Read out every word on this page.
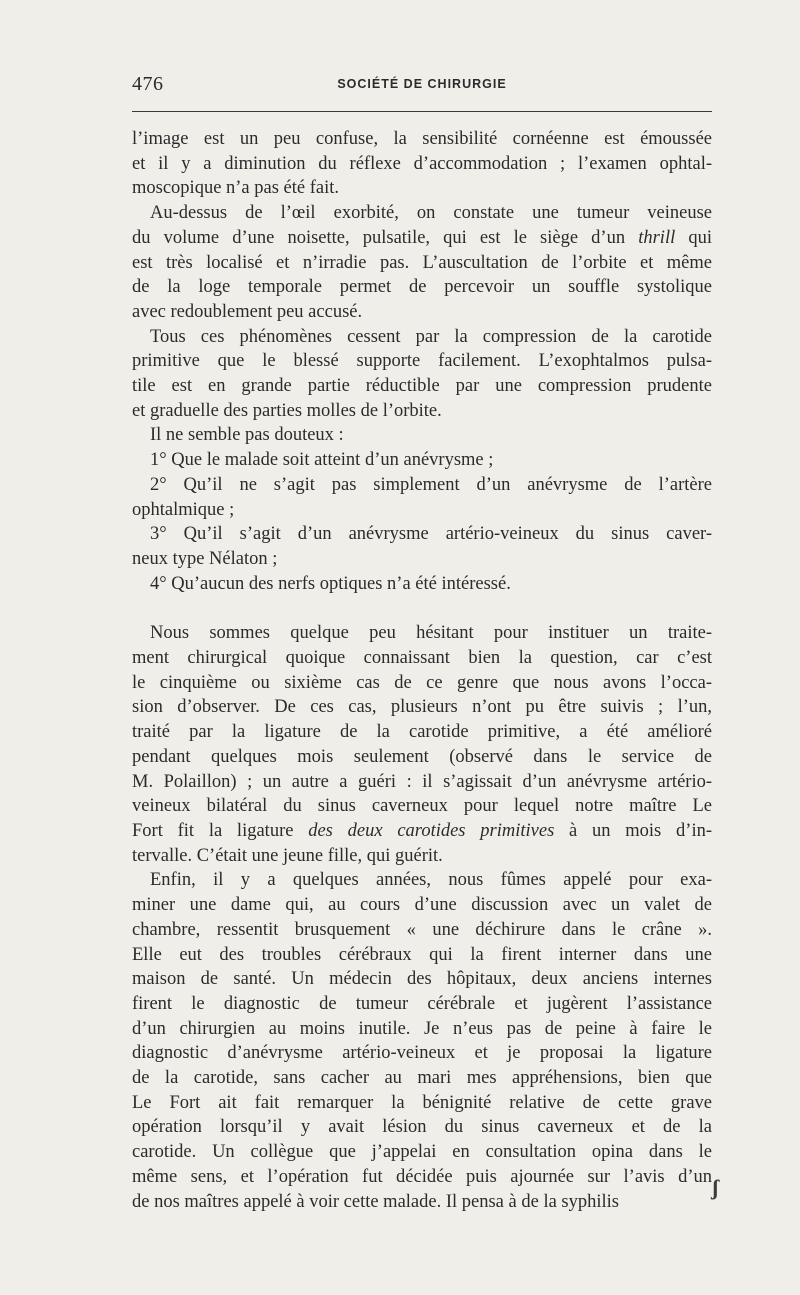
476	SOCIÉTÉ DE CHIRURGIE
l’image est un peu confuse, la sensibilité cornéenne est émoussée
et il y a diminution du réflexe d’accommodation ; l’examen ophtal-
moscopique n’a pas été fait.
Au-dessus de l’œil exorbité, on constate une tumeur veineuse
du volume d’une noisette, pulsatile, qui est le siège d’un thrill qui
est très localisé et n’irradie pas. L’auscultation de l’orbite et même
de la loge temporale permet de percevoir un souffle systolique
avec redoublement peu accusé.
Tous ces phénomènes cessent par la compression de la carotide
primitive que le blessé supporte facilement. L’exophtalmos pulsa-
tile est en grande partie réductible par une compression prudente
et graduelle des parties molles de l’orbite.
Il ne semble pas douteux :
1° Que le malade soit atteint d’un anévrysme ;
2° Qu’il ne s’agit pas simplement d’un anévrysme de l’artère
ophtalmique ;
3° Qu’il s’agit d’un anévrysme artério-veineux du sinus caver-
neux type Nélaton ;
4° Qu’aucun des nerfs optiques n’a été intéressé.
Nous sommes quelque peu hésitant pour instituer un traite-
ment chirurgical quoique connaissant bien la question, car c’est
le cinquième ou sixième cas de ce genre que nous avons l’occa-
sion d’observer. De ces cas, plusieurs n’ont pu être suivis ; l’un,
traité par la ligature de la carotide primitive, a été amélioré
pendant quelques mois seulement (observé dans le service de
M. Polaillon) ; un autre a guéri : il s’agissait d’un anévrysme artério-
veineux bilatéral du sinus caverneux pour lequel notre maître Le
Fort fit la ligature des deux carotides primitives à un mois d’in-
tervalle. C’était une jeune fille, qui guérit.
Enfin, il y a quelques années, nous fûmes appelé pour exa-
miner une dame qui, au cours d’une discussion avec un valet de
chambre, ressentit brusquement « une déchirure dans le crâne ».
Elle eut des troubles cérébraux qui la firent interner dans une
maison de santé. Un médecin des hôpitaux, deux anciens internes
firent le diagnostic de tumeur cérébrale et jugèrent l’assistance
d’un chirurgien au moins inutile. Je n’eus pas de peine à faire le
diagnostic d’anévrysme artério-veineux et je proposai la ligature
de la carotide, sans cacher au mari mes appréhensions, bien que
Le Fort ait fait remarquer la bénignité relative de cette grave
opération lorsqu’il y avait lésion du sinus caverneux et de la
carotide. Un collègue que j’appelai en consultation opina dans le
même sens, et l’opération fut décidée puis ajournée sur l’avis d’un
de nos maîtres appelé à voir cette malade. Il pensa à de la syphilis
ʃ
